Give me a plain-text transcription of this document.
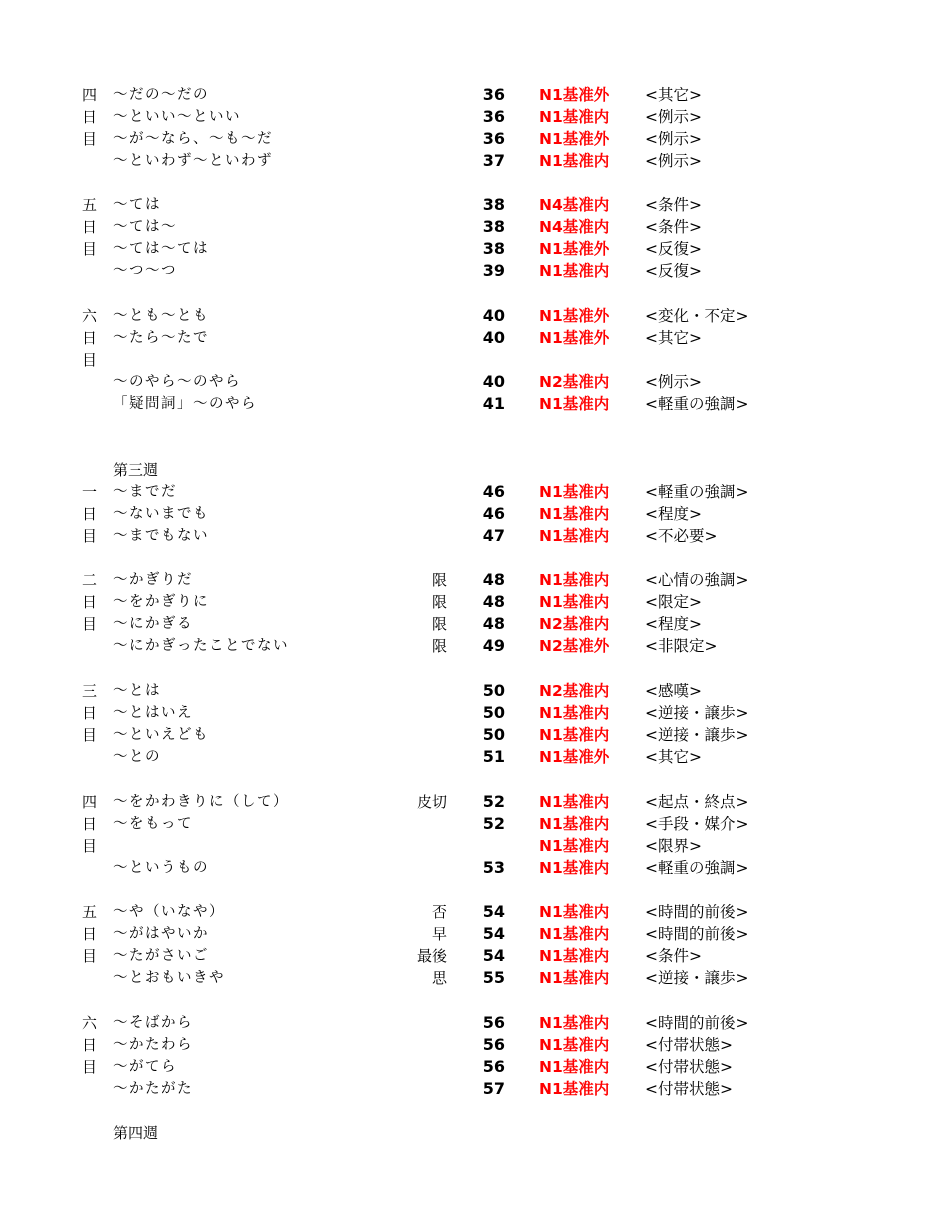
四 ～だの～だの	36 N1基准外 <其它>
日 ～といい～といい	36 N1基准内 <例示>
目 ～が～なら、～も～だ	36 N1基准外 <例示>
～といわず～といわず	37 N1基准内 <例示>
五 ～ては	38 N4基准内 <条件>
日 ～ては～	38 N4基准内 <条件>
目 ～ては～ては	38 N1基准外 <反復>
～つ～つ	39 N1基准内 <反復>
六 ～とも～とも	40 N1基准外 <変化・不定>
日 ～たら～たで	40 N1基准外 <其它>
目
～のやら～のやら	40 N2基准内 <例示>
「疑問詞」～のやら	41 N1基准内 <軽重の強調>
一 ～までだ	46 N1基准内 <軽重の強調>
日 ～ないまでも	46 N1基准内 <程度>
目 ～までもない	47 N1基准内 <不必要>
二 ～かぎりだ	限	48 N1基准内 <心情の強調>
日 ～をかぎりに	限	48 N1基准内 <限定>
目 ～にかぎる	限	48 N2基准内 <程度>
～にかぎったことでない	限	49 N2基准外 <非限定>
三 ～とは	50 N2基准内 <感嘆>
日 ～とはいえ	50 N1基准内 <逆接・譲歩>
目 ～といえども	50 N1基准内 <逆接・譲歩>
～との	51 N1基准外 <其它>
四 ～をかわきりに（して）	皮切	52 N1基准内 <起点・終点>
日 ～をもって	52 N1基准内 <手段・媒介>
目	N1基准内 <限界>
～というもの	53 N1基准内 <軽重の強調>
五 ～や（いなや）	否	54 N1基准内 <時間的前後>
日 ～がはやいか	早	54 N1基准内 <時間的前後>
目 ～たがさいご	最後	54 N1基准内 <条件>
～とおもいきや	思	55 N1基准内 <逆接・譲歩>
六 ～そばから	56 N1基准内 <時間的前後>
日 ～かたわら	56 N1基准内 <付帯状態>
目 ～がてら	56 N1基准内 <付帯状態>
～かたがた	57 N1基准内 <付帯状態>
第三週
第四週
